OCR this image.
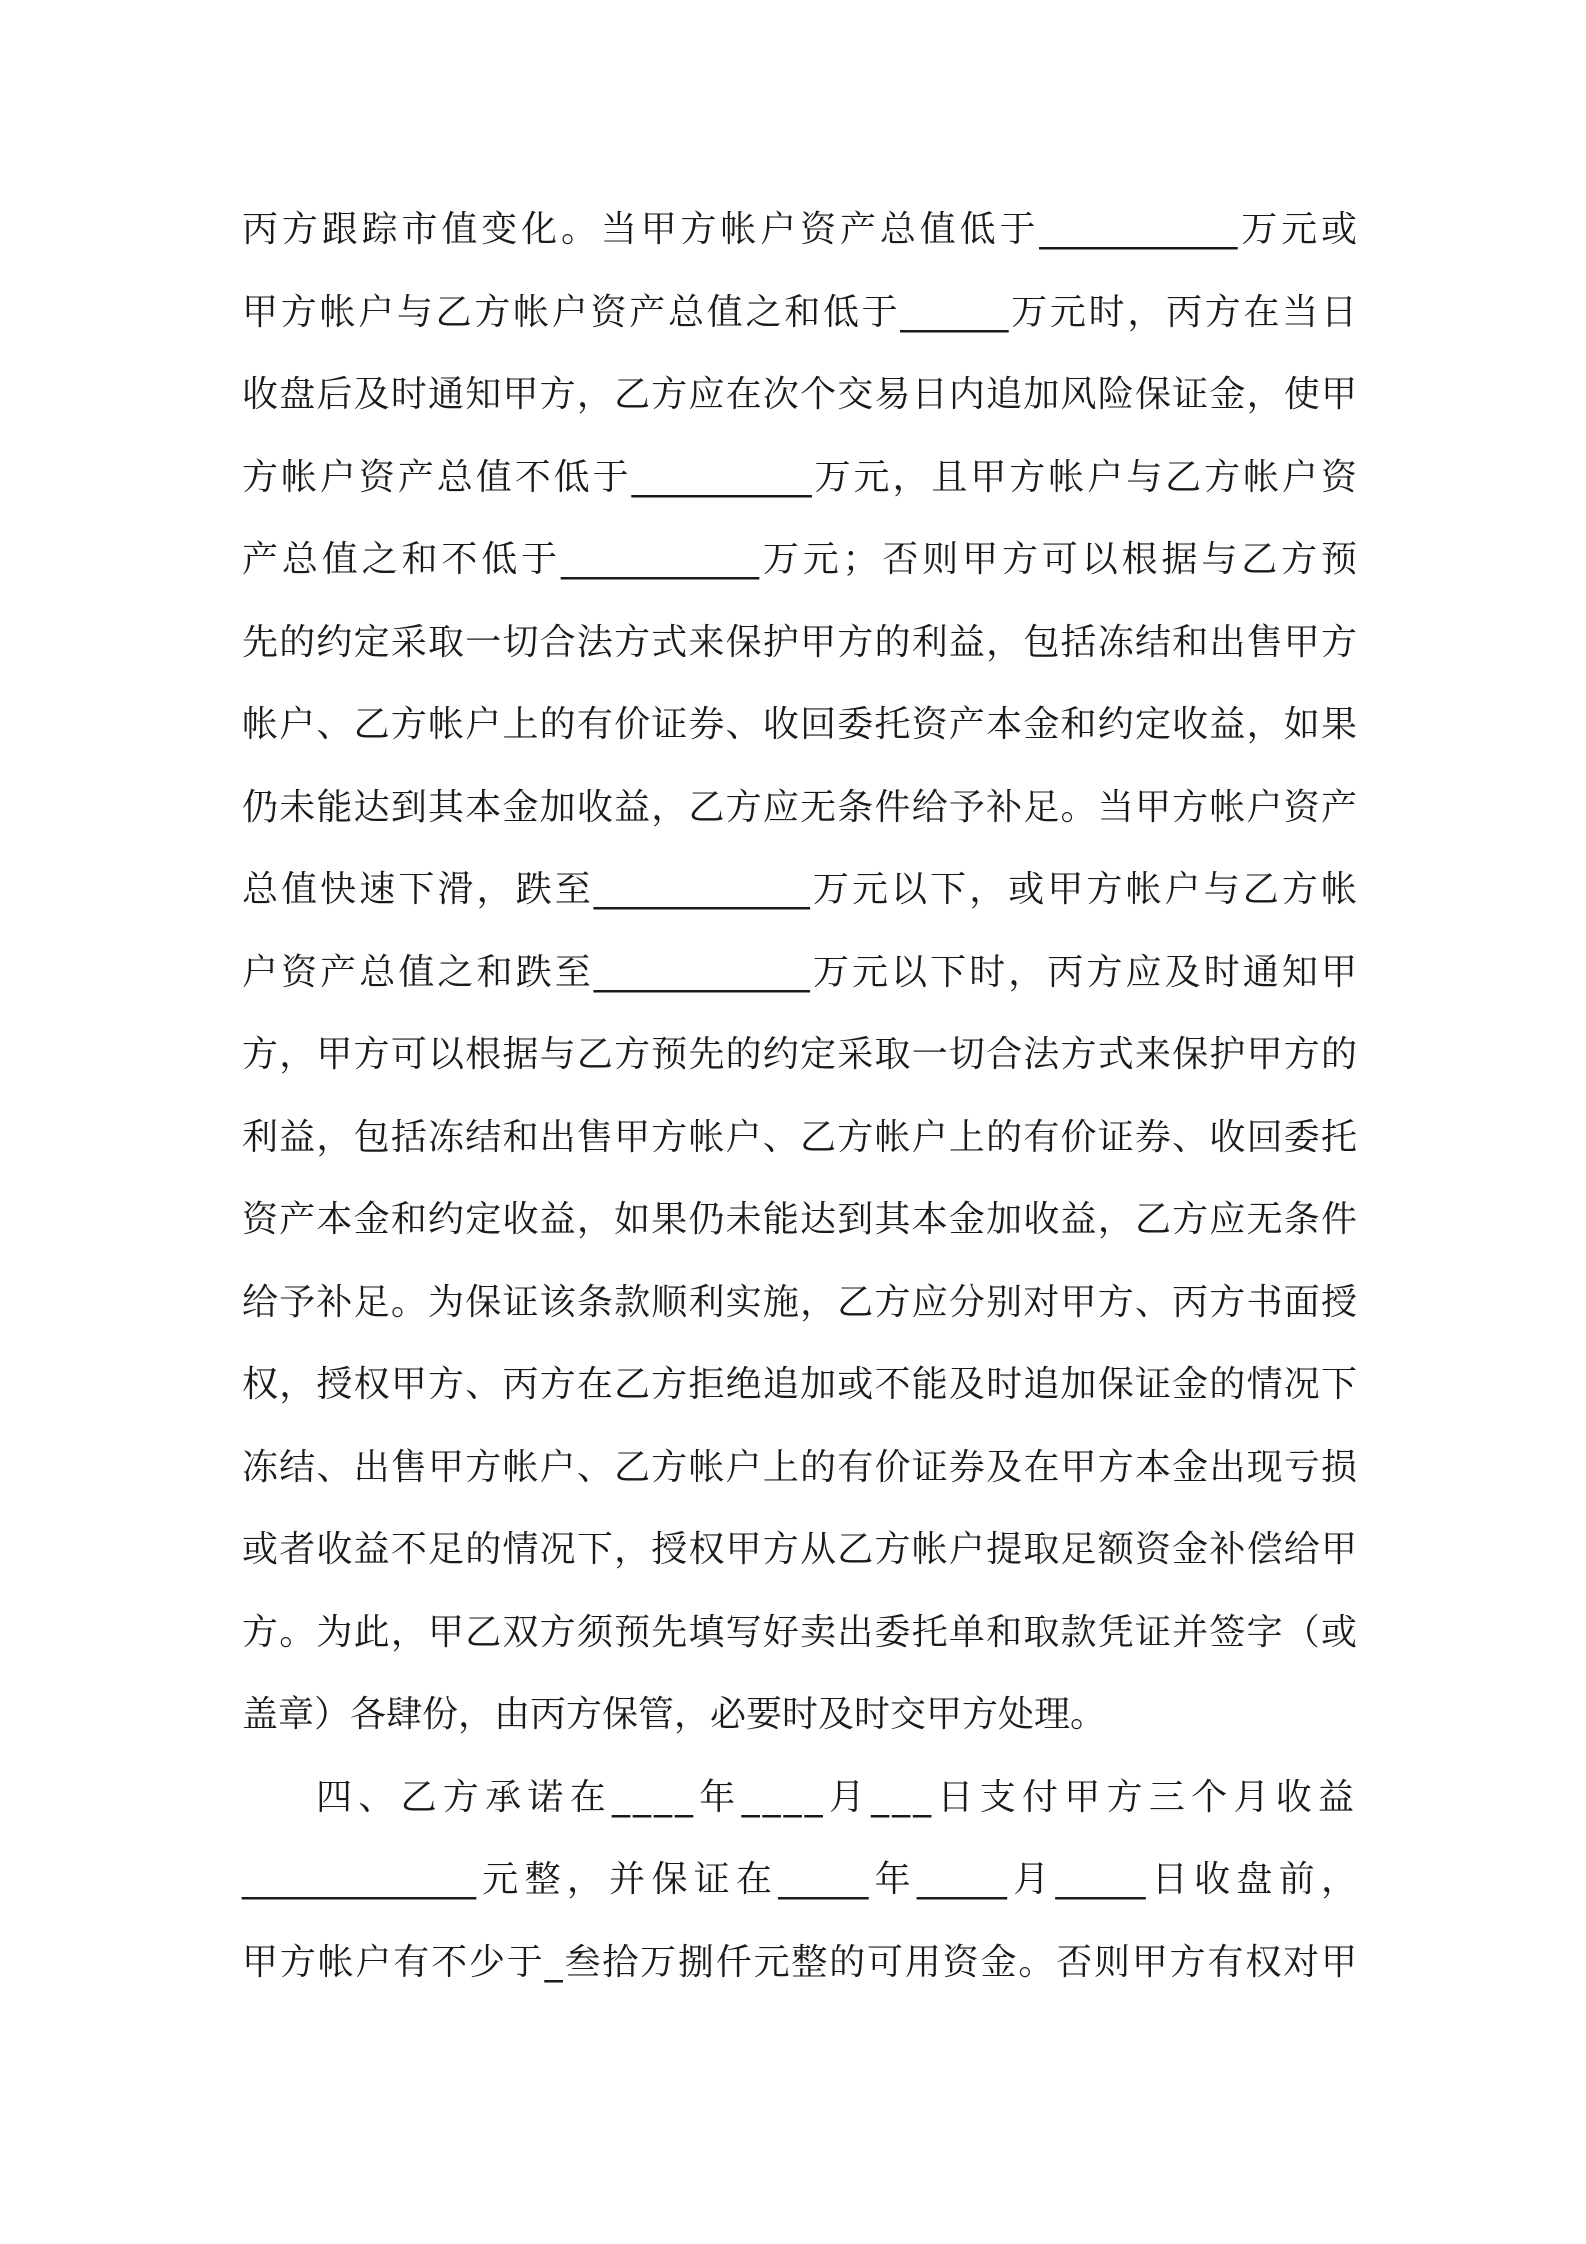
丙方跟踪市值变化。当甲方帐户资产总值低于___________万元或
甲方帐户与乙方帐户资产总值之和低于______万元时，丙方在当日
收盘后及时通知甲方，乙方应在次个交易日内追加风险保证金，使甲
方帐户资产总值不低于__________万元，且甲方帐户与乙方帐户资
产总值之和不低于___________万元；否则甲方可以根据与乙方预
先的约定采取一切合法方式来保护甲方的利益，包括冻结和出售甲方
帐户、乙方帐户上的有价证券、收回委托资产本金和约定收益，如果
仍未能达到其本金加收益，乙方应无条件给予补足。当甲方帐户资产
总值快速下滑，跌至____________万元以下，或甲方帐户与乙方帐
户资产总值之和跌至____________万元以下时，丙方应及时通知甲
方，甲方可以根据与乙方预先的约定采取一切合法方式来保护甲方的
利益，包括冻结和出售甲方帐户、乙方帐户上的有价证券、收回委托
资产本金和约定收益，如果仍未能达到其本金加收益，乙方应无条件
给予补足。为保证该条款顺利实施，乙方应分别对甲方、丙方书面授
权，授权甲方、丙方在乙方拒绝追加或不能及时追加保证金的情况下
冻结、出售甲方帐户、乙方帐户上的有价证券及在甲方本金出现亏损
或者收益不足的情况下，授权甲方从乙方帐户提取足额资金补偿给甲
方。为此，甲乙双方须预先填写好卖出委托单和取款凭证并签字（或
盖章）各肆份，由丙方保管，必要时及时交甲方处理。
四、乙方承诺在____年____月___日支付甲方三个月收益
_____________元整，并保证在_____年_____月_____日收盘前，
甲方帐户有不少于_叁拾万捌仟元整的可用资金。否则甲方有权对甲
